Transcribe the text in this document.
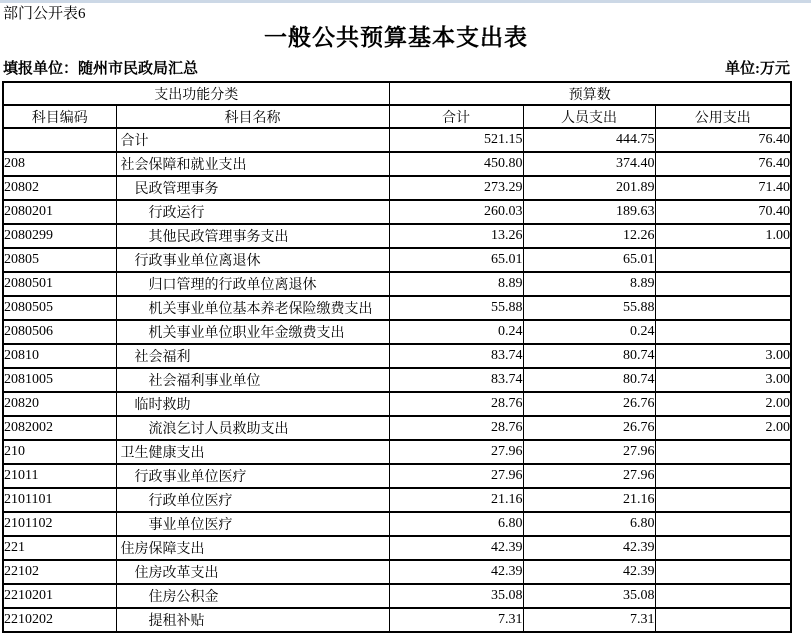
部门公开表6
一般公共预算基本支出表
填报单位：随州市民政局汇总	单位:万元
支出功能分类		预算数		
科目编码	科目名称	合计	人员支出	公用支出
	合计	521.15	444.75	76.40
208	社会保障和就业支出	450.80	374.40	76.40
20802	民政管理事务	273.29	201.89	71.40
2080201	行政运行	260.03	189.63	70.40
2080299	其他民政管理事务支出	13.26	12.26	1.00
20805	行政事业单位离退休	65.01	65.01	
2080501	归口管理的行政单位离退休	8.89	8.89	
2080505	机关事业单位基本养老保险缴费支出	55.88	55.88	
2080506	机关事业单位职业年金缴费支出	0.24	0.24	
20810	社会福利	83.74	80.74	3.00
2081005	社会福利事业单位	83.74	80.74	3.00
20820	临时救助	28.76	26.76	2.00
2082002	流浪乞讨人员救助支出	28.76	26.76	2.00
210	卫生健康支出	27.96	27.96	
21011	行政事业单位医疗	27.96	27.96	
2101101	行政单位医疗	21.16	21.16	
2101102	事业单位医疗	6.80	6.80	
221	住房保障支出	42.39	42.39	
22102	住房改革支出	42.39	42.39	
2210201	住房公积金	35.08	35.08	
2210202	提租补贴	7.31	7.31	
